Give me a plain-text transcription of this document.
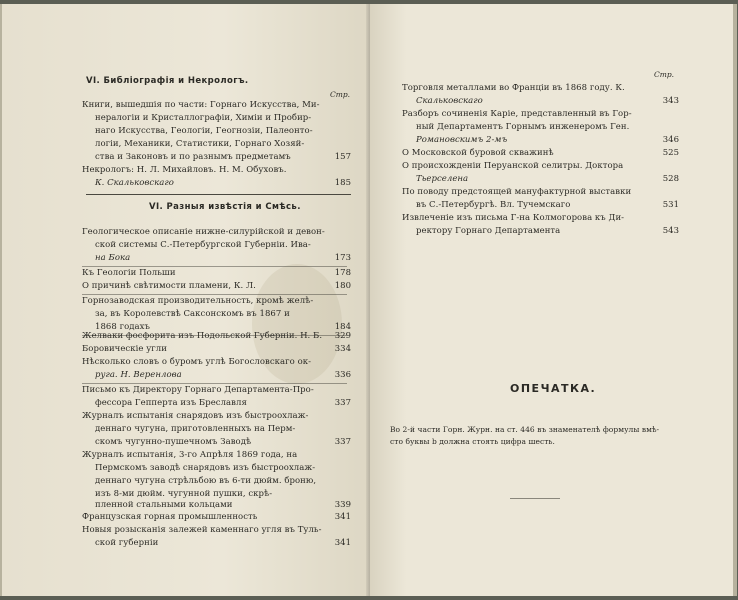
VI. Библіографія и Некрологъ.
Стр.
Книги, вышедшія по части: Горнаго Искусства, Ми-
нералогіи и Кристаллографіи, Химіи и Пробир-
наго Искусства, Геологіи, Геогнозіи, Палеонто-
логіи, Механики, Статистики, Горнаго Хозяй-
ства и Законовъ и по разнымъ предметамъ	157
Некрологъ: Н. Л. Михайловъ. Н. М. Обуховъ.
К. Скальковскаго	185
VI. Разныя извѣстія и Смѣсь.
Геологическое описаніе нижне-силурійской и девон-
ской системы С.-Петербургской Губерніи. Ива-
на Бока	173
Къ Геологіи Польши	178
О причинѣ свѣтимости пламени, К. Л.	180
Горнозаводская производительность, кромѣ желѣ-
за, въ Королевствѣ Саксонскомъ въ 1867 и
1868 годахъ	184
Желваки фосфорита изъ Подольской Губерніи. Н. Б.	329
Боровическіе угли	334
Нѣсколько словъ о буромъ углѣ Богословскаго ок-
руга. Н. Веренлова	336
Письмо къ Директору Горнаго Департамента-Про-
фессора Гепперта изъ Бреславля	337
Журналъ испытанія снарядовъ изъ быстроохлаж-
деннаго чугуна, приготовленныхъ на Перм-
скомъ чугунно-пушечномъ Заводѣ	337
Журналъ испытанія, 3-го Апрѣля 1869 года, на
Пермскомъ заводѣ снарядовъ изъ быстроохлаж-
деннаго чугуна стрѣльбою въ 6-ти дюйм. броню,
изъ 8-ми дюйм. чугунной пушки, скрѣ-
пленной стальными кольцами	339
Французская горная промышленность	341
Новыя розысканія залежей каменнаго угля въ Туль-
ской губерніи	341
Стр.
Торговля металлами во Франціи въ 1868 году. К.
Скальковскаго	343
Разборъ сочиненія Каріе, представленный въ Гор-
ный Департаментъ Горнымъ инженеромъ Ген.
Романовскимъ 2-мъ	346
О Московской буровой скважинѣ	525
О происхожденіи Перуанской селитры. Доктора
Тьерселена	528
По поводу предстоящей мануфактурной выставки
въ С.-Петербургѣ. Вл. Тучемскаго	531
Извлеченіе изъ письма Г-на Колмогорова къ Ди-
ректору Горнаго Департамента	543
ОПЕЧАТКА.
Во 2-й части Горн. Журн. на ст. 446 въ знаменателѣ формулы вмѣ-
сто буквы b должна стоять цифра шесть.
